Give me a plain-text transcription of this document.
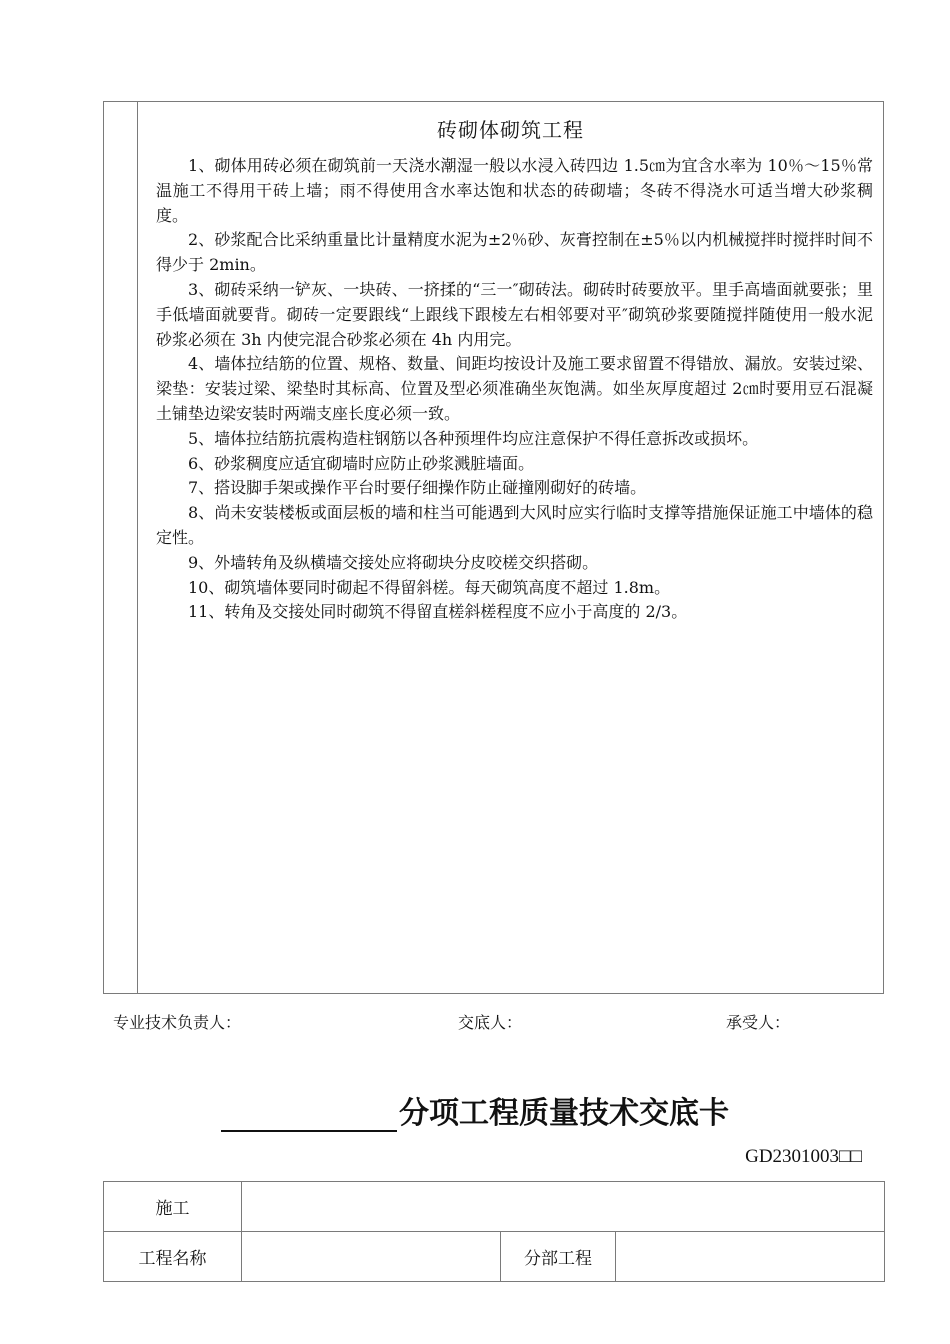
砖砌体砌筑工程

1、砌体用砖必须在砌筑前一天浇水潮湿一般以水浸入砖四边 1.5㎝为宜含水率为 10％～15％常温施工不得用干砖上墙；雨不得使用含水率达饱和状态的砖砌墙；冬砖不得浇水可适当增大砂浆稠度。

2、砂浆配合比采纳重量比计量精度水泥为±2％砂、灰膏控制在±5％以内机械搅拌时搅拌时间不得少于 2min。

3、砌砖采纳一铲灰、一块砖、一挤揉的“三一″砌砖法。砌砖时砖要放平。里手高墙面就要张；里手低墙面就要背。砌砖一定要跟线“上跟线下跟棱左右相邻要对平″砌筑砂浆要随搅拌随使用一般水泥砂浆必须在 3h 内使完混合砂浆必须在 4h 内用完。

4、墙体拉结筋的位置、规格、数量、间距均按设计及施工要求留置不得错放、漏放。安装过梁、梁垫：安装过梁、梁垫时其标高、位置及型必须准确坐灰饱满。如坐灰厚度超过 2㎝时要用豆石混凝土铺垫边梁安装时两端支座长度必须一致。

5、墙体拉结筋抗震构造柱钢筋以各种预埋件均应注意保护不得任意拆改或损坏。

6、砂浆稠度应适宜砌墙时应防止砂浆溅脏墙面。

7、搭设脚手架或操作平台时要仔细操作防止碰撞刚砌好的砖墙。

8、尚未安装楼板或面层板的墙和柱当可能遇到大风时应实行临时支撑等措施保证施工中墙体的稳定性。

9、外墙转角及纵横墙交接处应将砌块分皮咬槎交织搭砌。

10、砌筑墙体要同时砌起不得留斜槎。每天砌筑高度不超过 1.8m。

11、转角及交接处同时砌筑不得留直槎斜槎程度不应小于高度的 2/3。

专业技术负责人：	交底人：	承受人：
分项工程质量技术交底卡
GD2301003□□
施工			
工程名称		分部工程	
